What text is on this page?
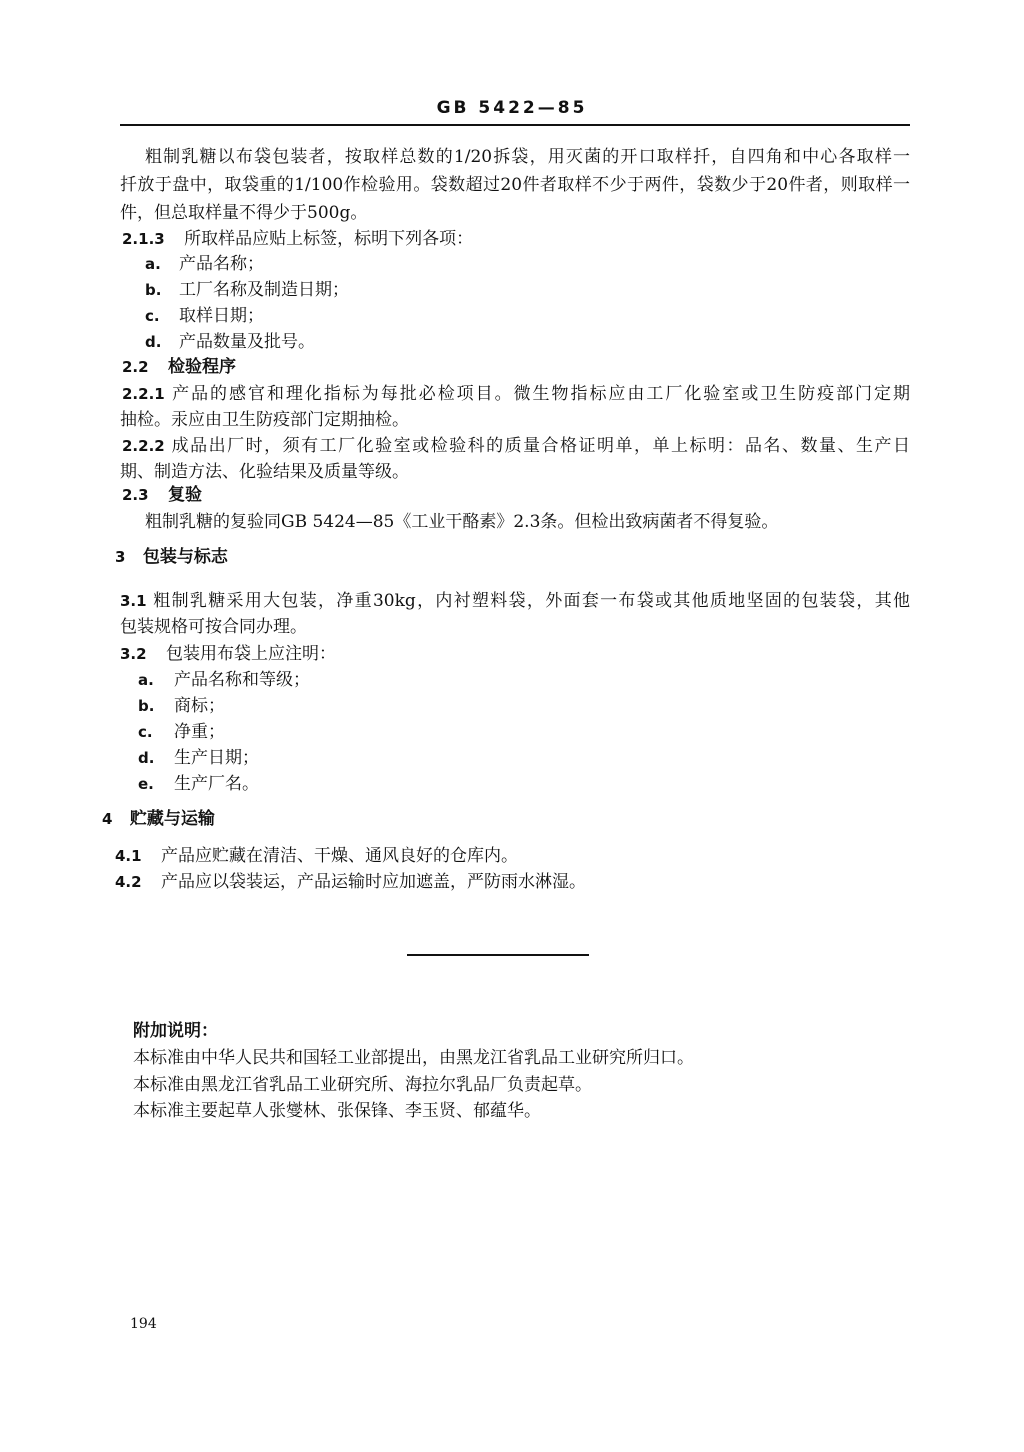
GB 5422—85
粗制乳糖以布袋包装者，按取样总数的1/20拆袋，用灭菌的开口取样扦，自四角和中心各取样一
扦放于盘中，取袋重的1/100作检验用。袋数超过20件者取样不少于两件，袋数少于20件者，则取样一
件，但总取样量不得少于500g。
2.1.3 所取样品应贴上标签，标明下列各项：
a. 产品名称；
b. 工厂名称及制造日期；
c. 取样日期；
d. 产品数量及批号。
2.2 检验程序
2.2.1 产品的感官和理化指标为每批必检项目。微生物指标应由工厂化验室或卫生防疫部门定期
抽检。汞应由卫生防疫部门定期抽检。
2.2.2 成品出厂时，须有工厂化验室或检验科的质量合格证明单，单上标明：品名、数量、生产日
期、制造方法、化验结果及质量等级。
2.3 复验
粗制乳糖的复验同GB 5424—85《工业干酪素》2.3条。但检出致病菌者不得复验。
3 包装与标志
3.1 粗制乳糖采用大包装，净重30kg，内衬塑料袋，外面套一布袋或其他质地坚固的包装袋，其他
包装规格可按合同办理。
3.2 包装用布袋上应注明：
a. 产品名称和等级；
b. 商标；
c. 净重；
d. 生产日期；
e. 生产厂名。
4 贮藏与运输
4.1 产品应贮藏在清洁、干燥、通风良好的仓库内。
4.2 产品应以袋装运，产品运输时应加遮盖，严防雨水淋湿。
附加说明：
本标准由中华人民共和国轻工业部提出，由黑龙江省乳品工业研究所归口。
本标准由黑龙江省乳品工业研究所、海拉尔乳品厂负责起草。
本标准主要起草人张燮林、张保锋、李玉贤、郁蕴华。
194
